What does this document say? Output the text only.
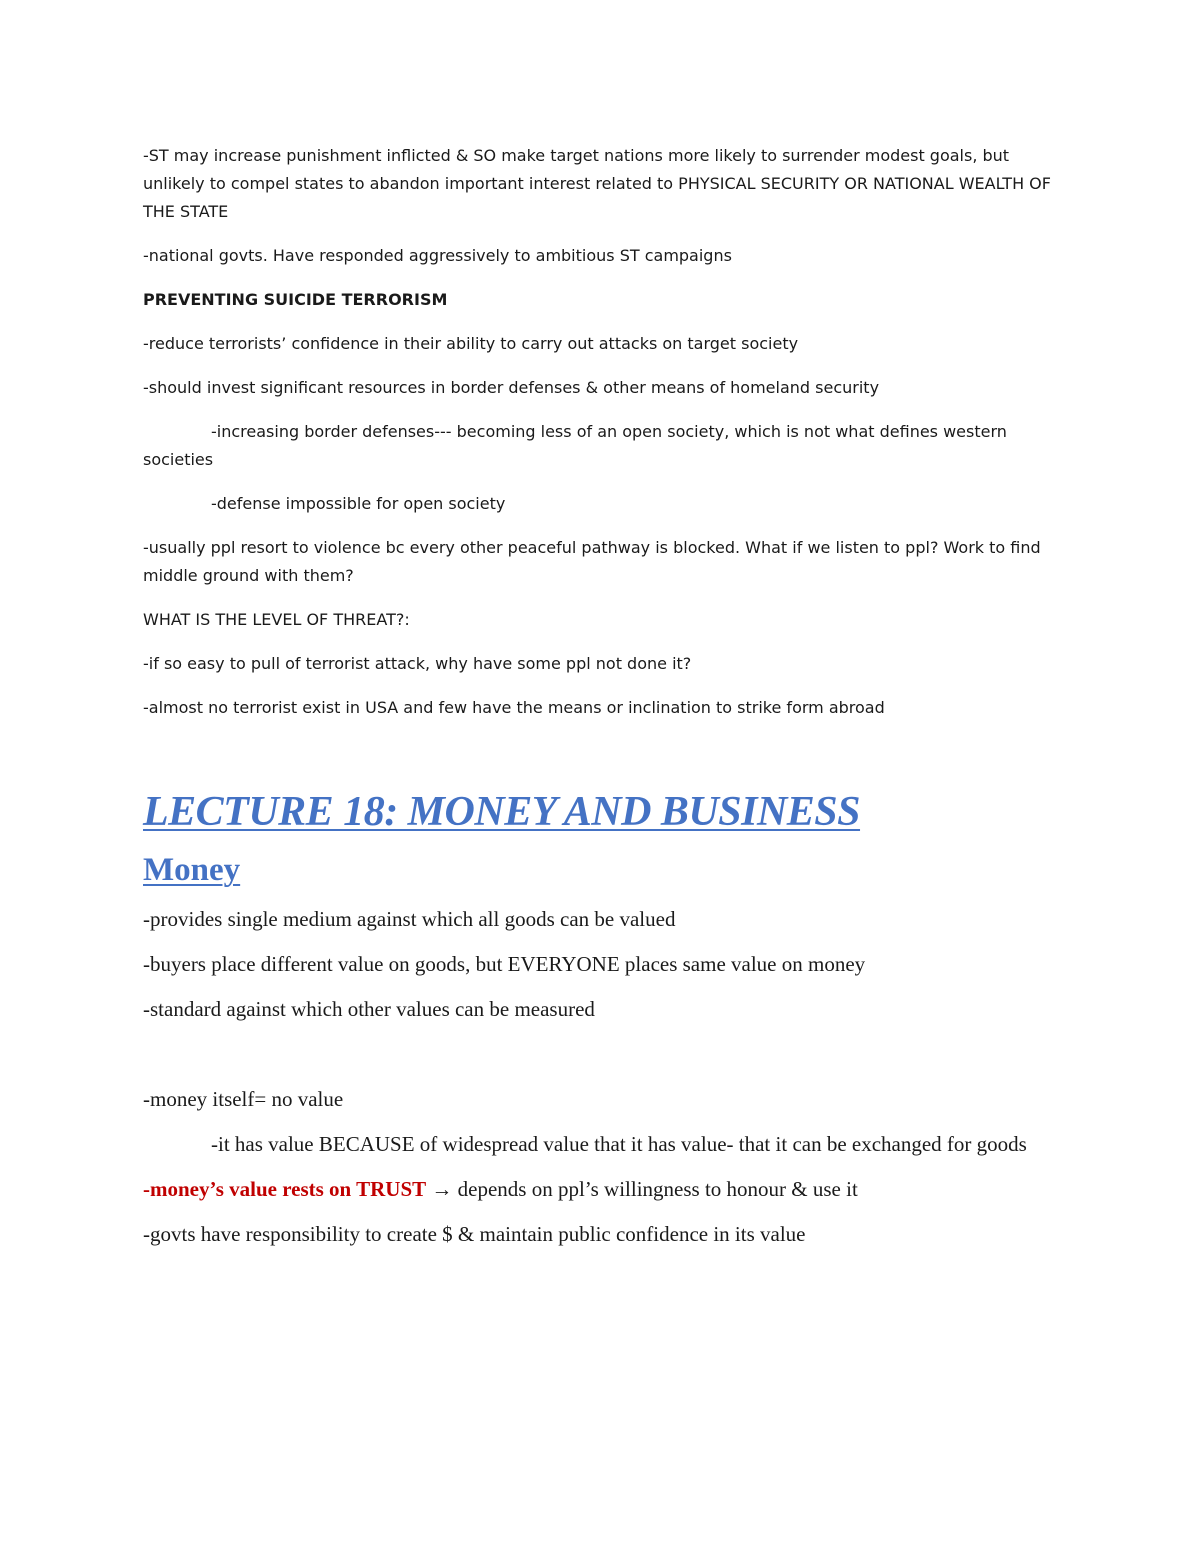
-ST may increase punishment inflicted & SO make target nations more likely to surrender modest goals, but unlikely to compel states to abandon important interest related to PHYSICAL SECURITY OR NATIONAL WEALTH OF THE STATE

-national govts. Have responded aggressively to ambitious ST campaigns

PREVENTING SUICIDE TERRORISM

-reduce terrorists’ confidence in their ability to carry out attacks on target society

-should invest significant resources in border defenses & other means of homeland security

-increasing border defenses--- becoming less of an open society, which is not what defines western societies

-defense impossible for open society

-usually ppl resort to violence bc every other peaceful pathway is blocked. What if we listen to ppl? Work to find middle ground with them?

WHAT IS THE LEVEL OF THREAT?:

-if so easy to pull of terrorist attack, why have some ppl not done it?

-almost no terrorist exist in USA and few have the means or inclination to strike form abroad

LECTURE 18: MONEY AND BUSINESS
Money

-provides single medium against which all goods can be valued

-buyers place different value on goods, but EVERYONE places same value on money

-standard against which other values can be measured

-money itself= no value

-it has value BECAUSE of widespread value that it has value- that it can be exchanged for goods

-money’s value rests on TRUST → depends on ppl’s willingness to honour & use it

-govts have responsibility to create $ & maintain public confidence in its value
